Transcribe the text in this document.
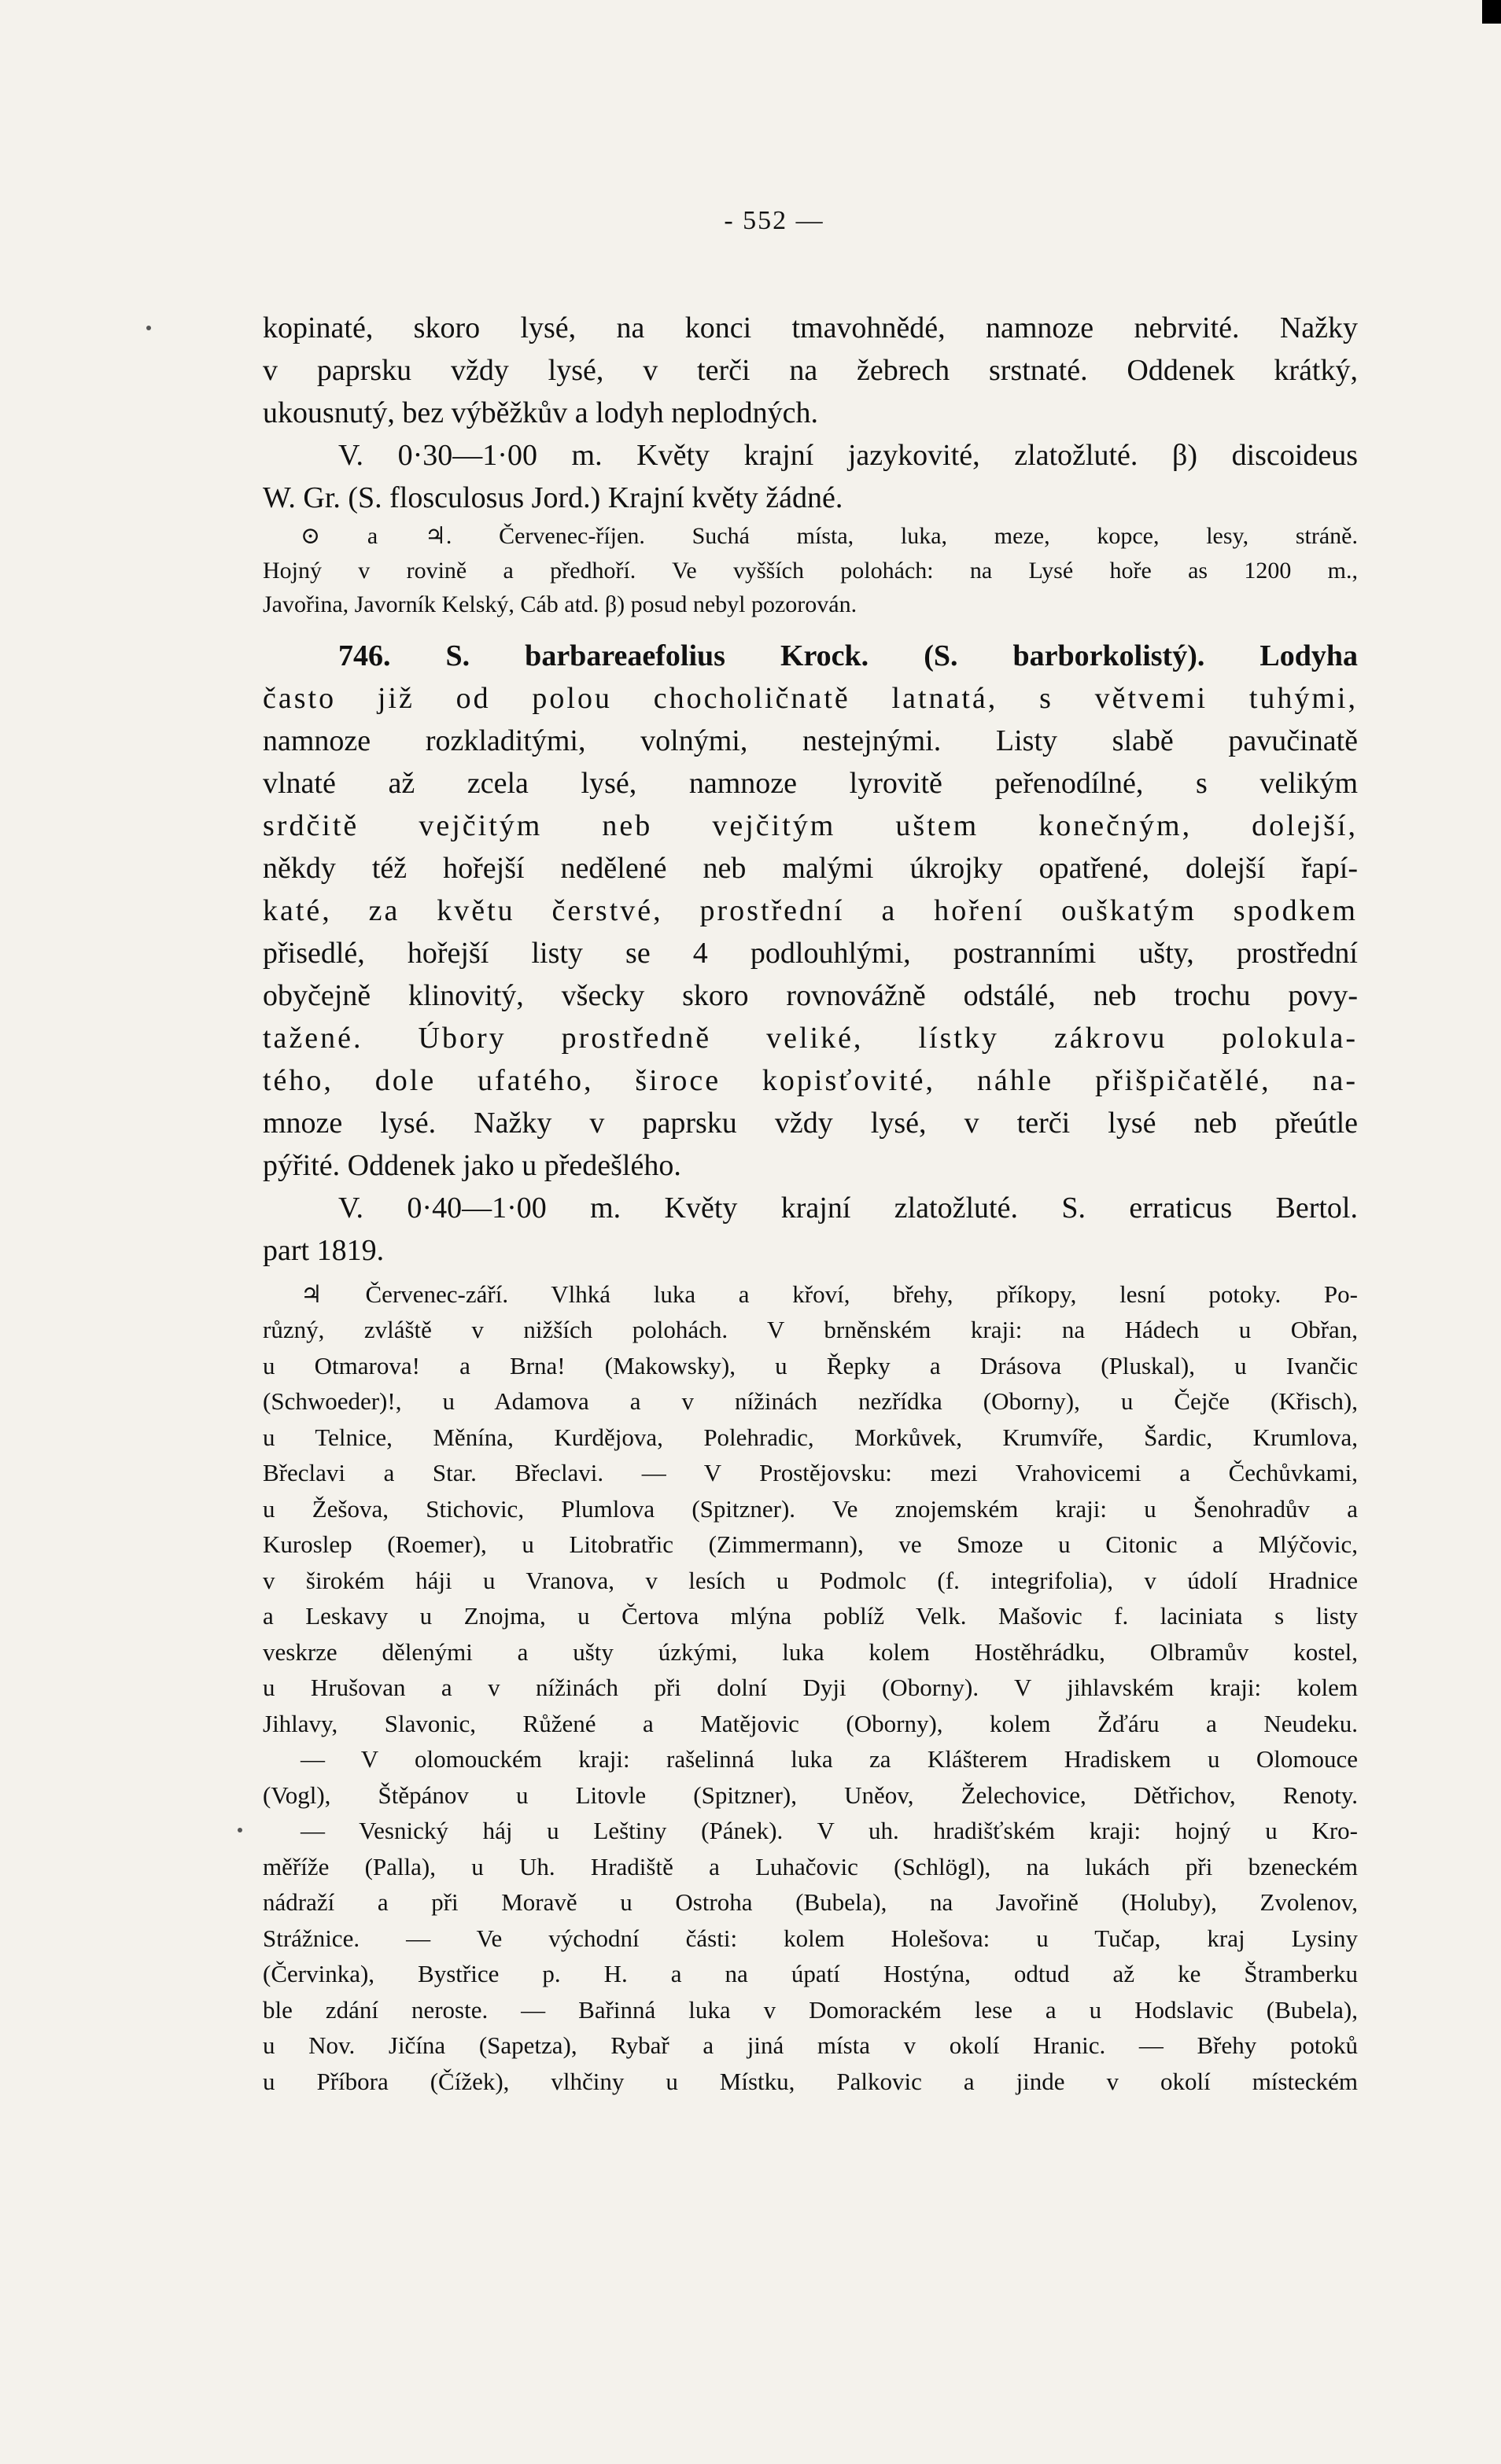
- 552 —
kopinaté, skoro lysé, na konci tmavohnědé, namnoze nebrvité. Nažky
v paprsku vždy lysé, v terči na žebrech srstnaté. Oddenek krátký,
ukousnutý, bez výběžkův a lodyh neplodných.
V. 0·30—1·00 m. Květy krajní jazykovité, zlatožluté. β) discoideus
W. Gr. (S. flosculosus Jord.) Krajní květy žádné.
⊙ a ♃. Červenec-říjen. Suchá místa, luka, meze, kopce, lesy, stráně.
Hojný v rovině a předhoří. Ve vyšších polohách: na Lysé hoře as 1200 m.,
Javořina, Javorník Kelský, Cáb atd. β) posud nebyl pozorován.
746. S. barbareaefolius Krock. (S. barborkolistý). Lodyha
často již od polou chocholičnatě latnatá, s větvemi tuhými,
namnoze rozkladitými, volnými, nestejnými. Listy slabě pavučinatě
vlnaté až zcela lysé, namnoze lyrovitě peřenodílné, s velikým
srdčitě vejčitým neb vejčitým uštem konečným, dolejší,
někdy též hořejší nedělené neb malými úkrojky opatřené, dolejší řapí-
katé, za květu čerstvé, prostřední a hoření ouškatým spodkem
přisedlé, hořejší listy se 4 podlouhlými, postranními ušty, prostřední
obyčejně klinovitý, všecky skoro rovnovážně odstálé, neb trochu povy-
tažené. Úbory prostředně veliké, lístky zákrovu polokula-
tého, dole ufatého, široce kopisťovité, náhle přišpičatělé, na-
mnoze lysé. Nažky v paprsku vždy lysé, v terči lysé neb přeútle
pýřité. Oddenek jako u předešlého.
V. 0·40—1·00 m. Květy krajní zlatožluté. S. erraticus Bertol.
part 1819.
♃ Červenec-září. Vlhká luka a křoví, břehy, příkopy, lesní potoky. Po-
různý, zvláště v nižších polohách. V brněnském kraji: na Hádech u Obřan,
u Otmarova! a Brna! (Makowsky), u Řepky a Drásova (Pluskal), u Ivančic
(Schwoeder)!, u Adamova a v nížinách nezřídka (Oborny), u Čejče (Křisch),
u Telnice, Měnína, Kurdějova, Polehradic, Morkůvek, Krumvíře, Šardic, Krumlova,
Břeclavi a Star. Břeclavi. — V Prostějovsku: mezi Vrahovicemi a Čechůvkami,
u Žešova, Stichovic, Plumlova (Spitzner). Ve znojemském kraji: u Šenohradův a
Kuroslep (Roemer), u Litobratřic (Zimmermann), ve Smoze u Citonic a Mlýčovic,
v širokém háji u Vranova, v lesích u Podmolc (f. integrifolia), v údolí Hradnice
a Leskavy u Znojma, u Čertova mlýna poblíž Velk. Mašovic f. laciniata s listy
veskrze dělenými a ušty úzkými, luka kolem Hostěhrádku, Olbramův kostel,
u Hrušovan a v nížinách při dolní Dyji (Oborny). V jihlavském kraji: kolem
Jihlavy, Slavonic, Růžené a Matějovic (Oborny), kolem Žďáru a Neudeku.
— V olomouckém kraji: rašelinná luka za Klášterem Hradiskem u Olomouce
(Vogl), Štěpánov u Litovle (Spitzner), Uněov, Želechovice, Dětřichov, Renoty.
— Vesnický háj u Leštiny (Pánek). V uh. hradišťském kraji: hojný u Kro-
měříže (Palla), u Uh. Hradiště a Luhačovic (Schlögl), na lukách při bzeneckém
nádraží a při Moravě u Ostroha (Bubela), na Javořině (Holuby), Zvolenov,
Strážnice. — Ve východní části: kolem Holešova: u Tučap, kraj Lysiny
(Červinka), Bystřice p. H. a na úpatí Hostýna, odtud až ke Štramberku
ble zdání neroste. — Bařinná luka v Domorackém lese a u Hodslavic (Bubela),
u Nov. Jičína (Sapetza), Rybař a jiná místa v okolí Hranic. — Břehy potoků
u Příbora (Čížek), vlhčiny u Místku, Palkovic a jinde v okolí místeckém
